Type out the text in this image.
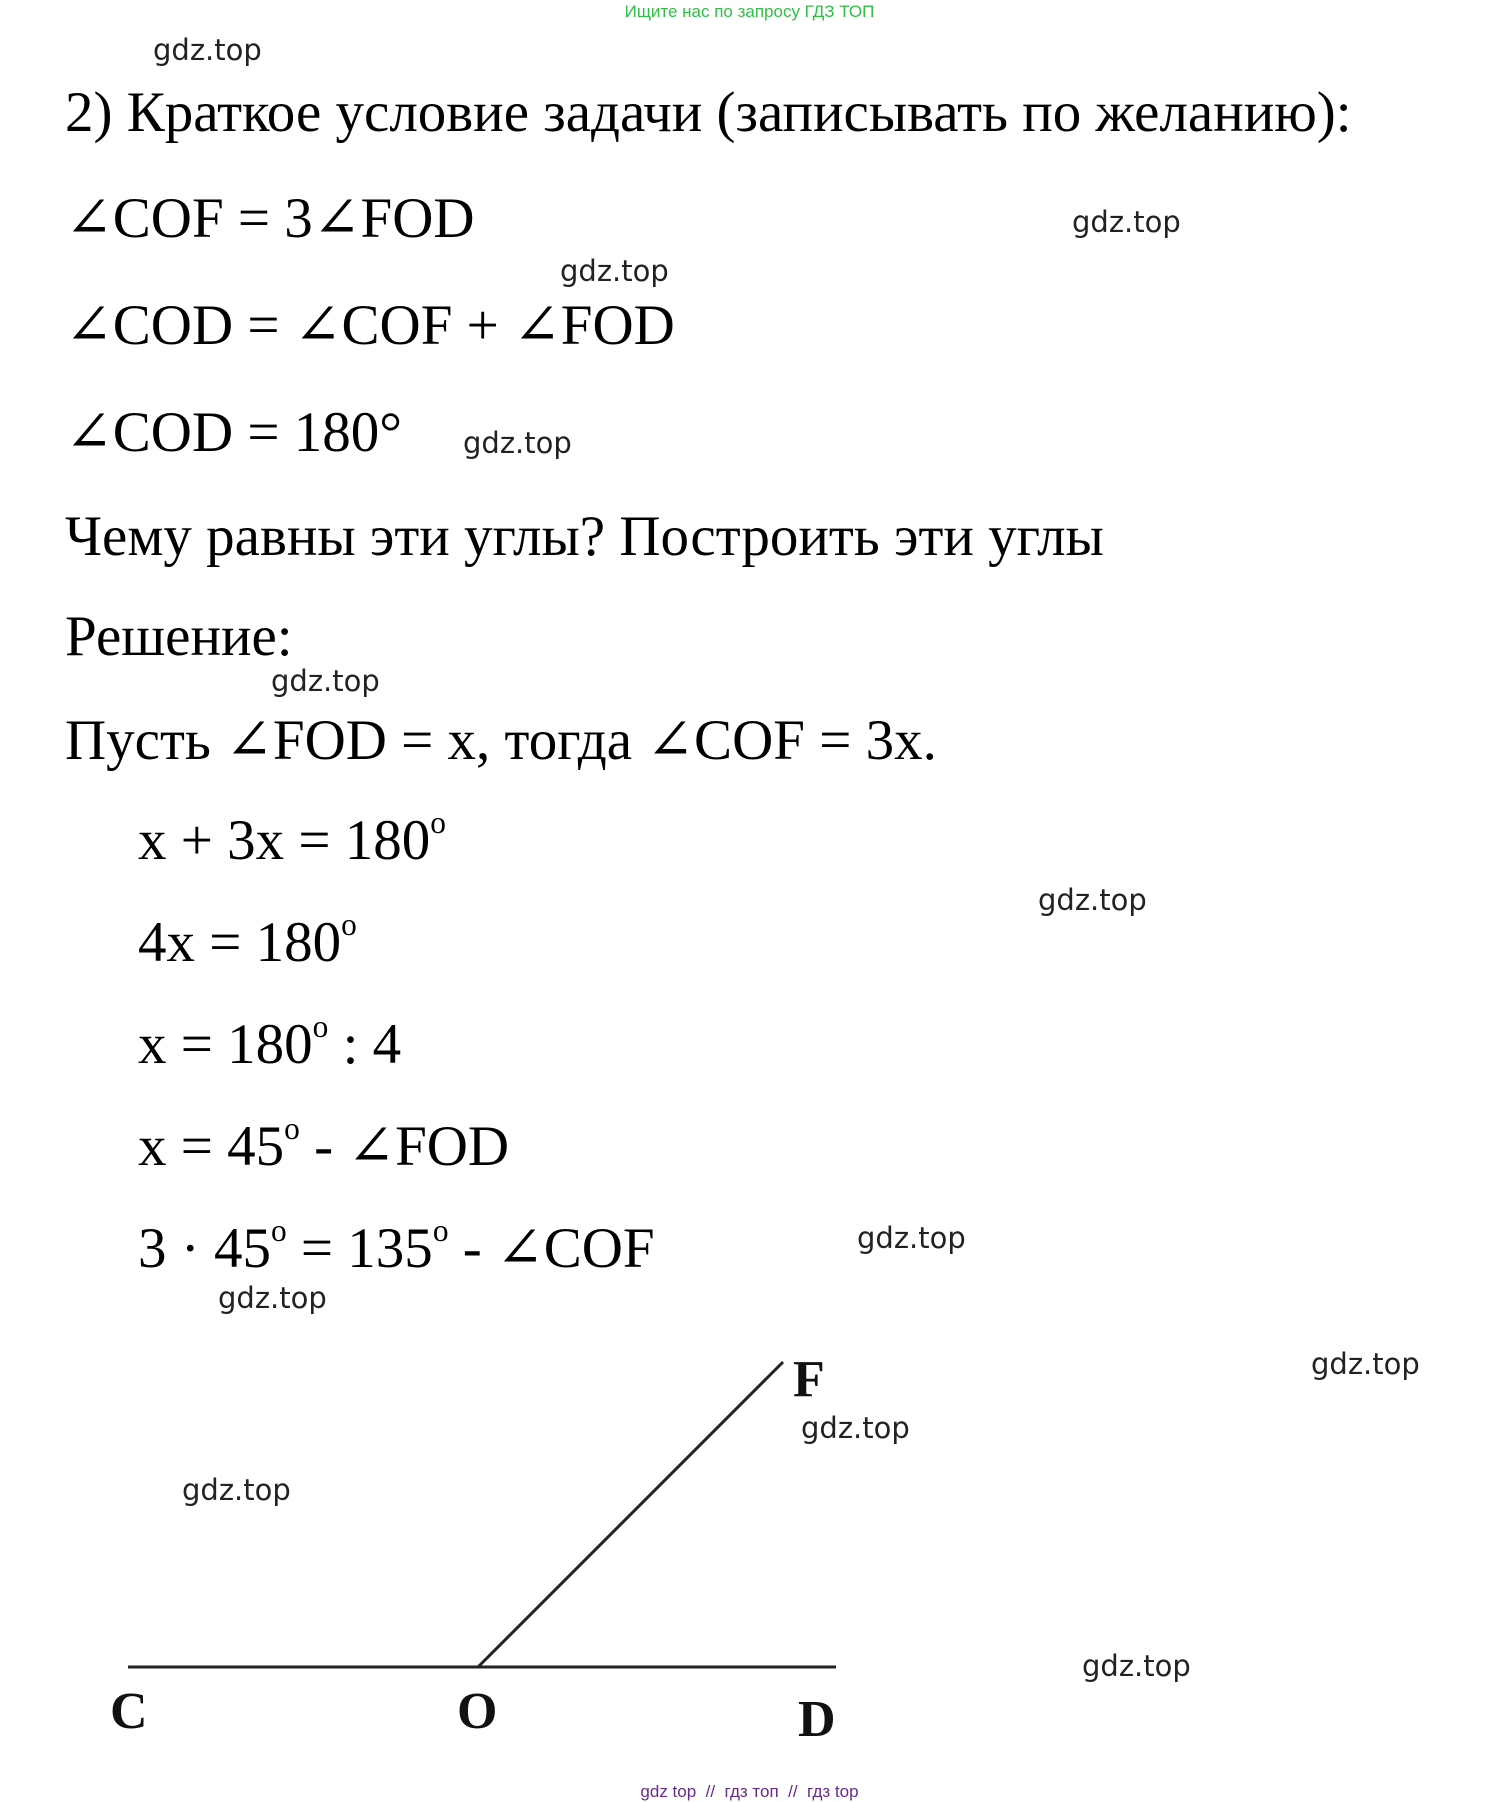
Ищите нас по запросу ГДЗ ТОП
gdz.top
gdz.top
gdz.top
gdz.top
gdz.top
gdz.top
gdz.top
gdz.top
gdz.top
gdz.top
gdz.top
gdz.top
2) Краткое условие задачи (записывать по желанию):
∠COF = 3∠FOD
∠COD = ∠COF + ∠FOD
∠COD = 180°
Чему равны эти углы? Построить эти углы
Решение:
Пусть ∠FOD = x, тогда ∠COF = 3x.
$x + 3x = 180^o$
$4x = 180^o$
$x = 180^o$ : 4
$x = 45^o$ - ∠FOD
$3 \cdot 45^o = 135^o$ - ∠COF
C	O	D
F
gdz top // гдз топ // гдз top
